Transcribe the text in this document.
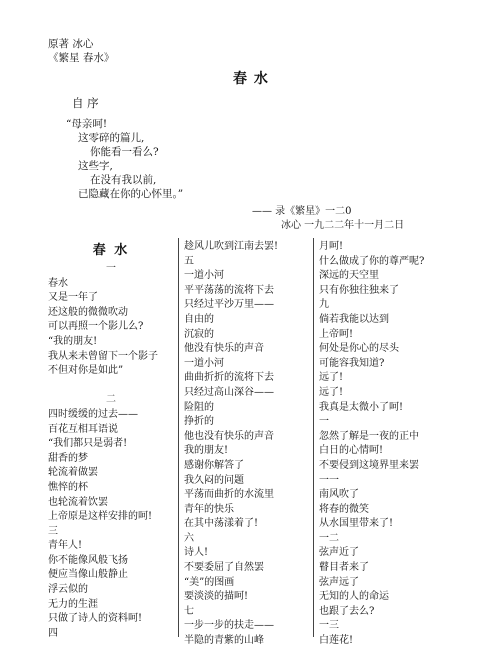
原著 冰心
《繁星 春水》
春 水
自 序
“母亲呵!
这零碎的篇儿,
你能看一看么?
这些字,
在没有我以前,
已隐藏在你的心怀里。”
—— 录《繁星》一二0
冰心 一九二二年十一月二日
春 水
一
春水
又是一年了
还这般的微微吹动
可以再照一个影儿么?
“我的朋友!
我从来未曾留下一个影子
不但对你是如此”
二
四时缓缓的过去——
百花互相耳语说
“我们都只是弱者!
甜香的梦
轮流着做罢
憔悴的杯
也轮流着饮罢
上帝原是这样安排的呵!
三
青年人!
你不能像风般飞扬
便应当像山般静止
浮云似的
无力的生涯
只做了诗人的资料呵!
四
趁风儿吹到江南去罢!
五
一道小河
平平荡荡的流将下去
只经过平沙万里——
自由的
沉寂的
他没有快乐的声音
一道小河
曲曲折折的流将下去
只经过高山深谷——
险阻的
挣折的
他也没有快乐的声音
我的朋友!
感谢你解答了
我久闷的问题
平荡而曲折的水流里
青年的快乐
在其中荡漾着了!
六
诗人!
不要委屈了自然罢
“美”的图画
要淡淡的描呵!
七
一步一步的扶走——
半隐的青紫的山峰
月呵!
什么做成了你的尊严呢?
深远的天空里
只有你独往独来了
九
倘若我能以达到
上帝呵!
何处是你心的尽头
可能容我知道?
远了!
远了!
我真是太微小了呵!
一
忽然了解是一夜的正中
白日的心情呵!
不要侵到这境界里来罢
一一
南风吹了
将春的微笑
从水国里带来了!
一二
弦声近了
瞽目者来了
弦声远了
无知的人的命运
也跟了去么?
一三
白莲花!
